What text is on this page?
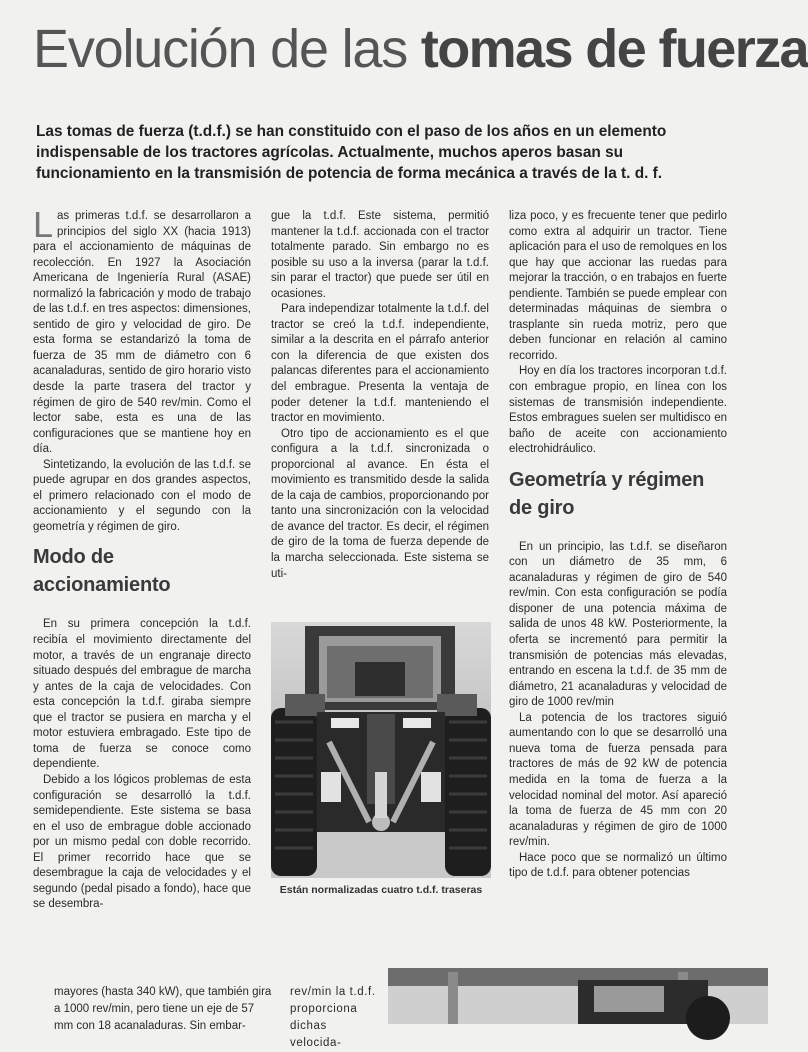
Evolución de las tomas de fuerza
Las tomas de fuerza (t.d.f.) se han constituido con el paso de los años en un elemento indispensable de los tractores agrícolas. Actualmente, muchos aperos basan su funcionamiento en la transmisión de potencia de forma mecánica a través de la t. d. f.

Las primeras t.d.f. se desarrollaron a principios del siglo XX (hacia 1913) para el accionamiento de máquinas de recolección. En 1927 la Asociación Americana de Ingeniería Rural (ASAE) normalizó la fabricación y modo de trabajo de las t.d.f. en tres aspectos: dimensiones, sentido de giro y velocidad de giro. De esta forma se estandarizó la toma de fuerza de 35 mm de diámetro con 6 acanaladuras, sentido de giro horario visto desde la parte trasera del tractor y régimen de giro de 540 rev/min. Como el lector sabe, esta es una de las configuraciones que se mantiene hoy en día.

Sintetizando, la evolución de las t.d.f. se puede agrupar en dos grandes aspectos, el primero relacionado con el modo de accionamiento y el segundo con la geometría y régimen de giro.

Modo de accionamiento

En su primera concepción la t.d.f. recibía el movimiento directamente del motor, a través de un engranaje directo situado después del embrague de marcha y antes de la caja de velocidades. Con esta concepción la t.d.f. giraba siempre que el tractor se pusiera en marcha y el motor estuviera embragado. Este tipo de toma de fuerza se conoce como dependiente.

Debido a los lógicos problemas de esta configuración se desarrolló la t.d.f. semidependiente. Este sistema se basa en el uso de embrague doble accionado por un mismo pedal con doble recorrido. El primer recorrido hace que se desembrague la caja de velocidades y el segundo (pedal pisado a fondo), hace que se desembra-

gue la t.d.f. Este sistema, permitió mantener la t.d.f. accionada con el tractor totalmente parado. Sin embargo no es posible su uso a la inversa (parar la t.d.f. sin parar el tractor) que puede ser útil en ocasiones.

Para independizar totalmente la t.d.f. del tractor se creó la t.d.f. independiente, similar a la descrita en el párrafo anterior con la diferencia de que existen dos palancas diferentes para el accionamiento del embrague. Presenta la ventaja de poder detener la t.d.f. manteniendo el tractor en movimiento.

Otro tipo de accionamiento es el que configura a la t.d.f. sincronizada o proporcional al avance. En ésta el movimiento es transmitido desde la salida de la caja de cambios, proporcionando por tanto una sincronización con la velocidad de avance del tractor. Es decir, el régimen de giro de la toma de fuerza depende de la marcha seleccionada. Este sistema se uti-

Están normalizadas cuatro t.d.f. traseras

liza poco, y es frecuente tener que pedirlo como extra al adquirir un tractor. Tiene aplicación para el uso de remolques en los que hay que accionar las ruedas para mejorar la tracción, o en trabajos en fuerte pendiente. También se puede emplear con determinadas máquinas de siembra o trasplante sin rueda motriz, pero que deben funcionar en relación al camino recorrido.

Hoy en día los tractores incorporan t.d.f. con embrague propio, en línea con los sistemas de transmisión independiente. Estos embragues suelen ser multidisco en baño de aceite con accionamiento electrohidráulico.

Geometría y régimen de giro

En un principio, las t.d.f. se diseñaron con un diámetro de 35 mm, 6 acanaladuras y régimen de giro de 540 rev/min. Con esta configuración se podía disponer de una potencia máxima de salida de unos 48 kW. Posteriormente, la oferta se incrementó para permitir la transmisión de potencias más elevadas, entrando en escena la t.d.f. de 35 mm de diámetro, 21 acanaladuras y velocidad de giro de 1000 rev/min

La potencia de los tractores siguió aumentando con lo que se desarrolló una nueva toma de fuerza pensada para tractores de más de 92 kW de potencia medida en la toma de fuerza a la velocidad nominal del motor. Así apareció la toma de fuerza de 45 mm con 20 acanaladuras y régimen de giro de 1000 rev/min.

Hace poco que se normalizó un último tipo de t.d.f. para obtener potencias

mayores (hasta 340 kW), que también gira a 1000 rev/min, pero tiene un eje de 57 mm con 18 acanaladuras. Sin embar-
rev/min la t.d.f. proporciona dichas velocida-
